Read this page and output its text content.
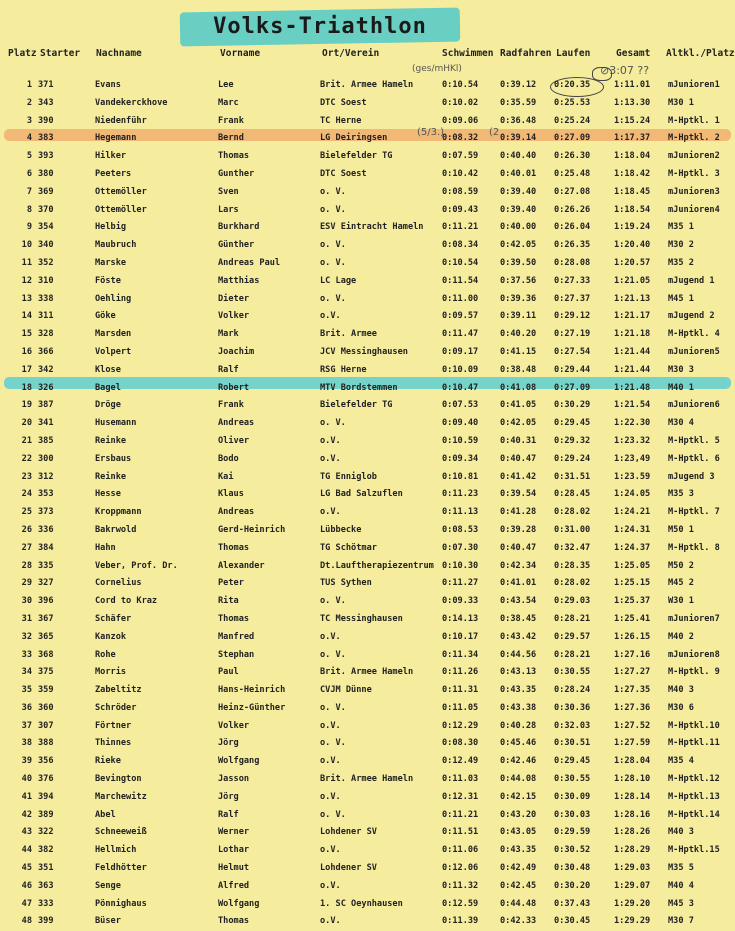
Volks-Triathlon
Platz Starter Nachname	Vorname	Ort/Verein	Schwimmen Radfahren Laufen	Gesamt Altkl./Platz
(ges/mHKl)	⊘3:07 ??
(5/3.)	(2
1 371	Evans	Lee	Brit. Armee Hameln	0:10.54	0:39.12	0:20.35	1:11.01	mJunioren1
2 343	Vandekerckhove	Marc	DTC Soest	0:10.02	0:35.59	0:25.53	1:13.30	M30 1
3 390	Niedenführ	Frank	TC Herne	0:09.06	0:36.48	0:25.24	1:15.24	M-Hptkl. 1
4 383	Hegemann	Bernd	LG Deiringsen	0:08.32	0:39.14	0:27.09	1:17.37	M-Hptkl. 2
5 393	Hilker	Thomas	Bielefelder TG	0:07.59	0:40.40	0:26.30	1:18.04	mJunioren2
6 380	Peeters	Gunther	DTC Soest	0:10.42	0:40.01	0:25.48	1:18.42	M-Hptkl. 3
7 369	Ottemöller	Sven	o. V.	0:08.59	0:39.40	0:27.08	1:18.45	mJunioren3
8 370	Ottemöller	Lars	o. V.	0:09.43	0:39.40	0:26.26	1:18.54	mJunioren4
9 354	Helbig	Burkhard	ESV Eintracht Hameln	0:11.21	0:40.00	0:26.04	1:19.24	M35 1
10 340	Maubruch	Günther	o. V.	0:08.34	0:42.05	0:26.35	1:20.40	M30 2
11 352	Marske	Andreas Paul	o. V.	0:10.54	0:39.50	0:28.08	1:20.57	M35 2
12 310	Föste	Matthias	LC Lage	0:11.54	0:37.56	0:27.33	1:21.05	mJugend 1
13 338	Oehling	Dieter	o. V.	0:11.00	0:39.36	0:27.37	1:21.13	M45 1
14 311	Göke	Volker	o.V.	0:09.57	0:39.11	0:29.12	1:21.17	mJugend 2
15 328	Marsden	Mark	Brit. Armee	0:11.47	0:40.20	0:27.19	1:21.18	M-Hptkl. 4
16 366	Volpert	Joachim	JCV Messinghausen	0:09.17	0:41.15	0:27.54	1:21.44	mJunioren5
17 342	Klose	Ralf	RSG Herne	0:10.09	0:38.48	0:29.44	1:21.44	M30 3
18 326	Bagel	Robert	MTV Bordstemmen	0:10.47	0:41.08	0:27.09	1:21.48	M40 1
19 387	Dröge	Frank	Bielefelder TG	0:07.53	0:41.05	0:30.29	1:21.54	mJunioren6
20 341	Husemann	Andreas	o. V.	0:09.40	0:42.05	0:29.45	1:22.30	M30 4
21 385	Reinke	Oliver	o.V.	0:10.59	0:40.31	0:29.32	1:23.32	M-Hptkl. 5
22 300	Ersbaus	Bodo	o.V.	0:09.34	0:40.47	0:29.24	1:23,49	M-Hptkl. 6
23 312	Reinke	Kai	TG Enniglob	0:10.81	0:41.42	0:31.51	1:23.59	mJugend 3
24 353	Hesse	Klaus	LG Bad Salzuflen	0:11.23	0:39.54	0:28.45	1:24.05	M35 3
25 373	Kroppmann	Andreas	o.V.	0:11.13	0:41.28	0:28.02	1:24.21	M-Hptkl. 7
26 336	Bakrwold	Gerd-Heinrich	Lübbecke	0:08.53	0:39.28	0:31.00	1:24.31	M50 1
27 384	Hahn	Thomas	TG Schötmar	0:07.30	0:40.47	0:32.47	1:24.37	M-Hptkl. 8
28 335	Veber, Prof. Dr.	Alexander	Dt.Lauftherapiezentrum 0:10.30	0:42.34	0:28.35	1:25.05	M50 2
29 327	Cornelius	Peter	TUS Sythen	0:11.27	0:41.01	0:28.02	1:25.15	M45 2
30 396	Cord to Kraz	Rita	o. V.	0:09.33	0:43.54	0:29.03	1:25.37	W30 1
31 367	Schäfer	Thomas	TC Messinghausen	0:14.13	0:38.45	0:28.21	1:25.41	mJunioren7
32 365	Kanzok	Manfred	o.V.	0:10.17	0:43.42	0:29.57	1:26.15	M40 2
33 368	Rohe	Stephan	o. V.	0:11.34	0:44.56	0:28.21	1:27.16	mJunioren8
34 375	Morris	Paul	Brit. Armee Hameln	0:11.26	0:43.13	0:30.55	1:27.27	M-Hptkl. 9
35 359	Zabeltitz	Hans-Heinrich	CVJM Dünne	0:11.31	0:43.35	0:28.24	1:27.35	M40 3
36 360	Schröder	Heinz-Günther	o. V.	0:11.05	0:43.38	0:30.36	1:27.36	M30 6
37 307	Förtner	Volker	o.V.	0:12.29	0:40.28	0:32.03	1:27.52	M-Hptkl.10
38 388	Thinnes	Jörg	o. V.	0:08.30	0:45.46	0:30.51	1:27.59	M-Hptkl.11
39 356	Rieke	Wolfgang	o.V.	0:12.49	0:42.46	0:29.45	1:28.04	M35 4
40 376	Bevington	Jasson	Brit. Armee Hameln	0:11.03	0:44.08	0:30.55	1:28.10	M-Hptkl.12
41 394	Marchewitz	Jörg	o.V.	0:12.31	0:42.15	0:30.09	1:28.14	M-Hptkl.13
42 389	Abel	Ralf	o. V.	0:11.21	0:43.20	0:30.03	1:28.16	M-Hptkl.14
43 322	Schneeweiß	Werner	Lohdener SV	0:11.51	0:43.05	0:29.59	1:28.26	M40 3
44 382	Hellmich	Lothar	o.V.	0:11.06	0:43.35	0:30.52	1:28.29	M-Hptkl.15
45 351	Feldhötter	Helmut	Lohdener SV	0:12.06	0:42.49	0:30.48	1:29.03	M35 5
46 363	Senge	Alfred	o.V.	0:11.32	0:42.45	0:30.20	1:29.07	M40 4
47 333	Pönnighaus	Wolfgang	1. SC Oeynhausen	0:12.59	0:44.48	0:37.43	1:29.20	M45 3
48 399	Büser	Thomas	o.V.	0:11.39	0:42.33	0:30.45	1:29.29	M30 7
